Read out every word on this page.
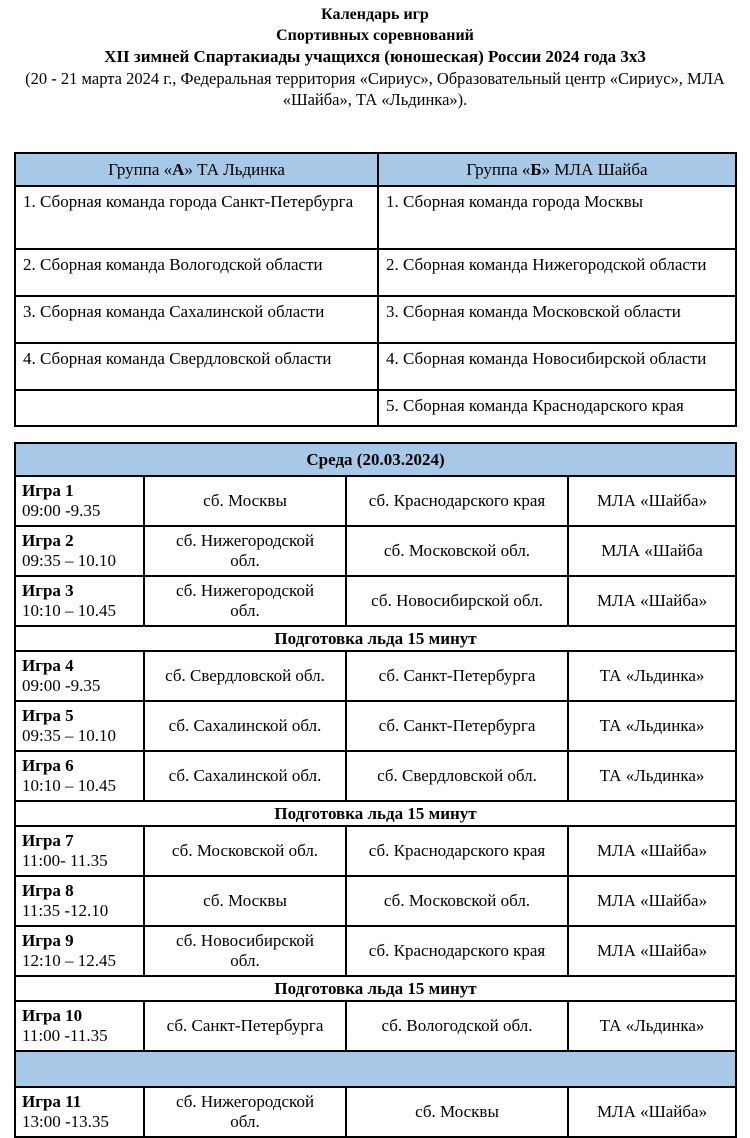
Календарь игр
Спортивных соревнований
XII зимней Спартакиады учащихся (юношеская) России 2024 года 3х3
(20 - 21 марта 2024 г., Федеральная территория «Сириус», Образовательный центр «Сириус», МЛА «Шайба», ТА «Льдинка»).
Группа «А» ТА Льдинка	Группа «Б» МЛА Шайба
1. Сборная команда города Санкт-Петербурга	1. Сборная команда города Москвы
2. Сборная команда Вологодской области	2. Сборная команда Нижегородской области
3. Сборная команда Сахалинской области	3. Сборная команда Московской области
4. Сборная команда Свердловской области	4. Сборная команда Новосибирской области
	5. Сборная команда Краснодарского края
Среда (20.03.2024)			

Игра 1
09:00 -9.35	сб. Москвы	сб. Краснодарского края	МЛА «Шайба»

Игра 2
09:35 – 10.10	сб. Нижегородской обл.	сб. Московской обл.	МЛА «Шайба

Игра 3
10:10 – 10.45	сб. Нижегородской обл.	сб. Новосибирской обл.	МЛА «Шайба»
Подготовка льда 15 минут			

Игра 4
09:00 -9.35	сб. Свердловской обл.	сб. Санкт-Петербурга	ТА «Льдинка»

Игра 5
09:35 – 10.10	сб. Сахалинской обл.	сб. Санкт-Петербурга	ТА «Льдинка»

Игра 6
10:10 – 10.45	сб. Сахалинской обл.	сб. Свердловской обл.	ТА «Льдинка»
Подготовка льда 15 минут			

Игра 7
11:00- 11.35	сб. Московской обл.	сб. Краснодарского края	МЛА «Шайба»

Игра 8
11:35 -12.10	сб. Москвы	сб. Московской обл.	МЛА «Шайба»

Игра 9
12:10 – 12.45	сб. Новосибирской обл.	сб. Краснодарского края	МЛА «Шайба»
Подготовка льда 15 минут			

Игра 10
11:00 -11.35	сб. Санкт-Петербурга	сб. Вологодской обл.	ТА «Льдинка»

Игра 11
13:00 -13.35	сб. Нижегородской обл.	сб. Москвы	МЛА «Шайба»
